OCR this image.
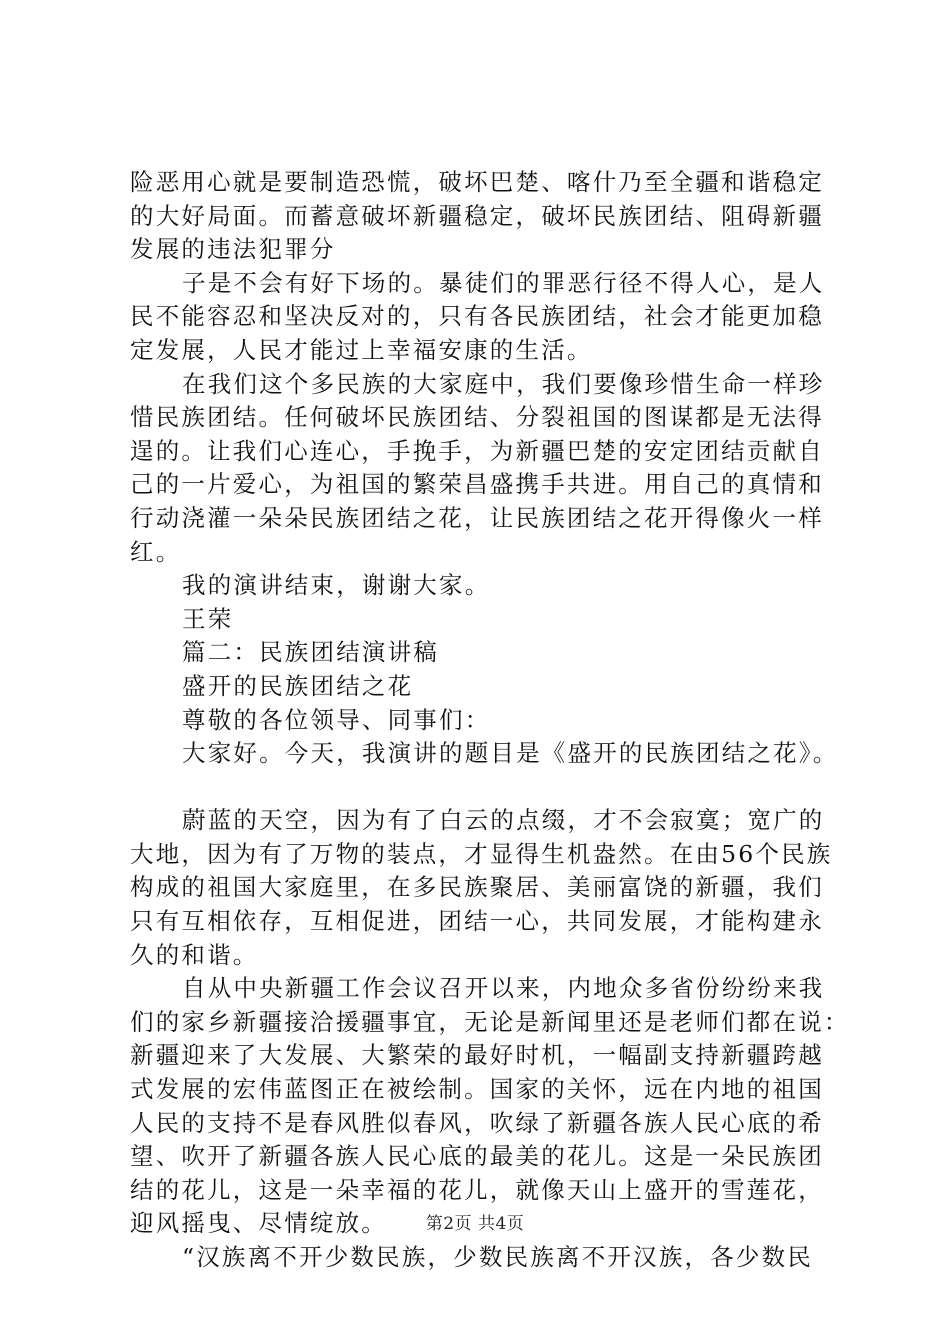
险恶用心就是要制造恐慌，破坏巴楚、喀什乃至全疆和谐稳定
的大好局面。而蓄意破坏新疆稳定，破坏民族团结、阻碍新疆
发展的违法犯罪分
子是不会有好下场的。暴徒们的罪恶行径不得人心，是人
民不能容忍和坚决反对的，只有各民族团结，社会才能更加稳
定发展，人民才能过上幸福安康的生活。
在我们这个多民族的大家庭中，我们要像珍惜生命一样珍
惜民族团结。任何破坏民族团结、分裂祖国的图谋都是无法得
逞的。让我们心连心，手挽手，为新疆巴楚的安定团结贡献自
己的一片爱心，为祖国的繁荣昌盛携手共进。用自己的真情和
行动浇灌一朵朵民族团结之花，让民族团结之花开得像火一样
红。
我的演讲结束，谢谢大家。
王荣
篇二：民族团结演讲稿
盛开的民族团结之花
尊敬的各位领导、同事们：
大家好。今天，我演讲的题目是《盛开的民族团结之花》。
蔚蓝的天空，因为有了白云的点缀，才不会寂寞；宽广的
大地，因为有了万物的装点，才显得生机盎然。在由56个民族
构成的祖国大家庭里，在多民族聚居、美丽富饶的新疆，我们
只有互相依存，互相促进，团结一心，共同发展，才能构建永
久的和谐。
自从中央新疆工作会议召开以来，内地众多省份纷纷来我
们的家乡新疆接洽援疆事宜，无论是新闻里还是老师们都在说：
新疆迎来了大发展、大繁荣的最好时机，一幅副支持新疆跨越
式发展的宏伟蓝图正在被绘制。国家的关怀，远在内地的祖国
人民的支持不是春风胜似春风，吹绿了新疆各族人民心底的希
望、吹开了新疆各族人民心底的最美的花儿。这是一朵民族团
结的花儿，这是一朵幸福的花儿，就像天山上盛开的雪莲花，
迎风摇曳、尽情绽放。
“汉族离不开少数民族，少数民族离不开汉族，各少数民
第2页 共4页
